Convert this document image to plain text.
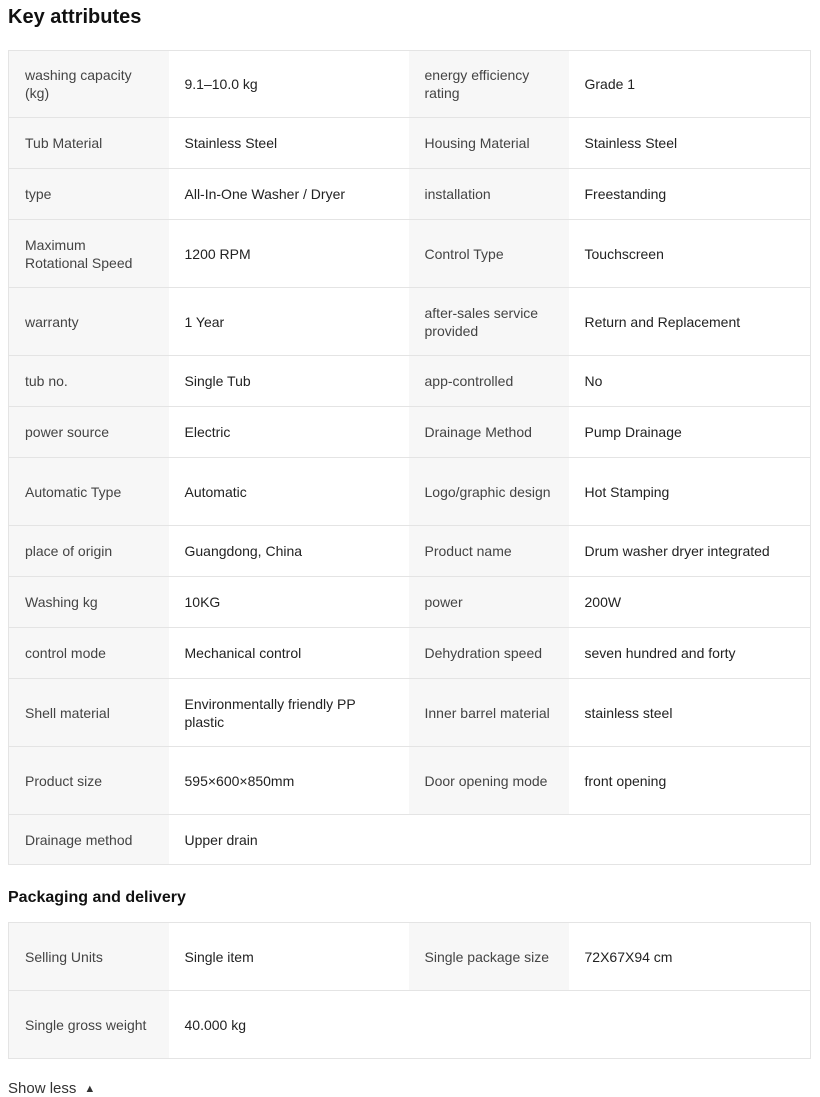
Key attributes
washing capacity (kg)	9.1–10.0 kg	energy efficiency rating	Grade 1
Tub Material	Stainless Steel	Housing Material	Stainless Steel
type	All-In-One Washer / Dryer	installation	Freestanding
Maximum Rotational Speed	1200 RPM	Control Type	Touchscreen
warranty	1 Year	after-sales service provided	Return and Replacement
tub no.	Single Tub	app-controlled	No
power source	Electric	Drainage Method	Pump Drainage
Automatic Type	Automatic	Logo/graphic design	Hot Stamping
place of origin	Guangdong, China	Product name	Drum washer dryer integrated
Washing kg	10KG	power	200W
control mode	Mechanical control	Dehydration speed	seven hundred and forty
Shell material	Environmentally friendly PP plastic	Inner barrel material	stainless steel
Product size	595×600×850mm	Door opening mode	front opening
Drainage method	Upper drain		
Packaging and delivery
Selling Units	Single item	Single package size	72X67X94 cm
Single gross weight	40.000 kg		
Show less ▲
